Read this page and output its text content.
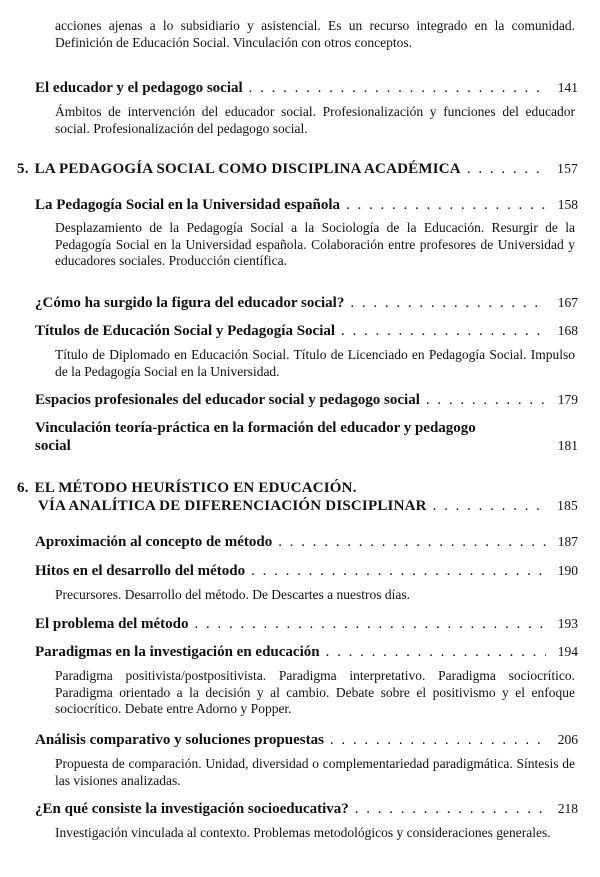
acciones ajenas a lo subsidiario y asistencial. Es un recurso integrado en la comunidad. Definición de Educación Social. Vinculación con otros conceptos.
El educador y el pedagogo social . . .	141
Ámbitos de intervención del educador social. Profesionalización y funciones del educador social. Profesionalización del pedagogo social.
5. LA PEDAGOGÍA SOCIAL COMO DISCIPLINA ACADÉMICA . . .	157
La Pedagogía Social en la Universidad española . . .	158
Desplazamiento de la Pedagogía Social a la Sociología de la Educación. Resurgir de la Pedagogía Social en la Universidad española. Colaboración entre profesores de Universidad y educadores sociales. Producción científica.
¿Cómo ha surgido la figura del educador social? . . .	167
Títulos de Educación Social y Pedagogía Social . . .	168
Título de Diplomado en Educación Social. Título de Licenciado en Pedagogía Social. Impulso de la Pedagogía Social en la Universidad.
Espacios profesionales del educador social y pedagogo social . . .	179
Vinculación teoría-práctica en la formación del educador y pedagogo
social	181
6. EL MÉTODO HEURÍSTICO EN EDUCACIÓN.
VÍA ANALÍTICA DE DIFERENCIACIÓN DISCIPLINAR . . .	185
Aproximación al concepto de método . . .	187
Hitos en el desarrollo del método . . .	190
Precursores. Desarrollo del método. De Descartes a nuestros días.
El problema del método . . .	193
Paradigmas en la investigación en educación . . .	194
Paradigma positivista/postpositivista. Paradigma interpretativo. Paradigma sociocrítico. Paradigma orientado a la decisión y al cambio. Debate sobre el positivismo y el enfoque sociocrítico. Debate entre Adorno y Popper.
Análisis comparativo y soluciones propuestas . . .	206
Propuesta de comparación. Unidad, diversidad o complementariedad paradigmática. Síntesis de las visiones analizadas.
¿En qué consiste la investigación socioeducativa? . . .	218
Investigación vinculada al contexto. Problemas metodológicos y consideraciones generales.
